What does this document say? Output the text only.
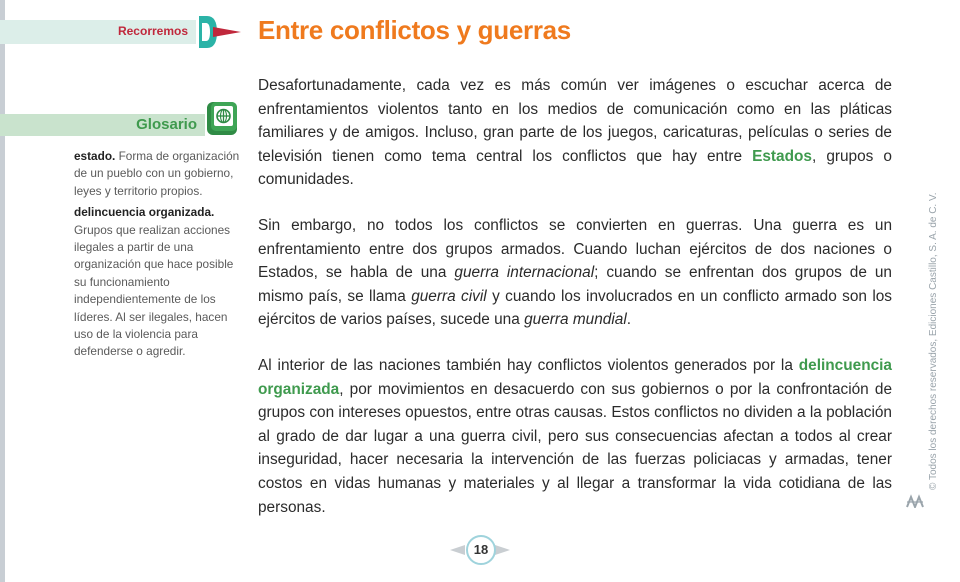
Recorremos	Entre conflictos y guerras
Glosario

estado. Forma de organización de un pueblo con un gobierno, leyes y territorio propios.

delincuencia organizada. Grupos que realizan acciones ilegales a partir de una organización que hace posible su funcionamiento independientemente de los líderes. Al ser ilegales, hacen uso de la violencia para defenderse o agredir.

Desafortunadamente, cada vez es más común ver imágenes o escuchar acerca de enfrentamientos violentos tanto en los medios de comunicación como en las pláticas familiares y de amigos. Incluso, gran parte de los juegos, caricaturas, películas o series de televisión tienen como tema central los conflictos que hay entre Estados, grupos o comunidades.

Sin embargo, no todos los conflictos se convierten en guerras. Una guerra es un enfrentamiento entre dos grupos armados. Cuando luchan ejércitos de dos naciones o Estados, se habla de una guerra internacional; cuando se enfrentan dos grupos de un mismo país, se llama guerra civil y cuando los involucrados en un conflicto armado son los ejércitos de varios países, sucede una guerra mundial.

Al interior de las naciones también hay conflictos violentos generados por la delincuencia organizada, por movimientos en desacuerdo con sus gobiernos o por la confrontación de grupos con intereses opuestos, entre otras causas. Estos conflictos no dividen a la población al grado de dar lugar a una guerra civil, pero sus consecuencias afectan a todos al crear inseguridad, hacer necesaria la intervención de las fuerzas policiacas y armadas, tener costos en vidas humanas y materiales y al llegar a transformar la vida cotidiana de las personas.

© Todos los derechos reservados, Ediciones Castillo, S. A. de C. V.
18
